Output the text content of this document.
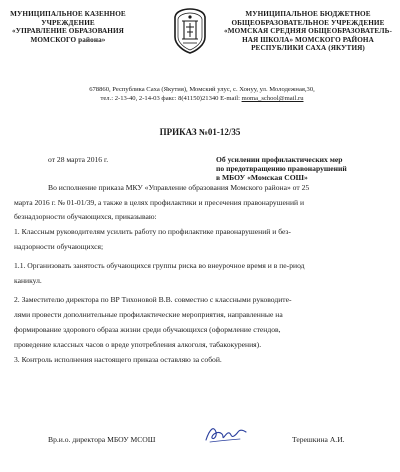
МУНИЦИПАЛЬНОЕ КАЗЕННОЕ
УЧРЕЖДЕНИЕ
«УПРАВЛЕНИЕ ОБРАЗОВАНИЯ
МОМСКОГО района»
МУНИЦИПАЛЬНОЕ БЮДЖЕТНОЕ
ОБЩЕОБРАЗОВАТЕЛЬНОЕ УЧРЕЖДЕНИЕ
«МОМСКАЯ СРЕДНЯЯ ОБЩЕОБРАЗОВАТЕЛЬ-
НАЯ ШКОЛА» МОМСКОГО РАЙОНА
РЕСПУБЛИКИ САХА (ЯКУТИЯ)
678860, Республика Саха (Якутия), Момский улус, с. Хонуу, ул. Молодежная,30,
тел.: 2-13-40, 2-14-03 факс: 8(41150)21340 E-mail: moma_school@mail.ru
ПРИКАЗ №01-12/35
от 28 марта 2016 г.	Об усилении профилактических мер
по предотвращению правонарушений
в МБОУ «Момская СОШ»
Во исполнение приказа МКУ «Управление образования Момского района» от 25
марта 2016 г. № 01-01/39, а также в целях профилактики и пресечения правонарушений и
безнадзорности обучающихся, приказываю:
1. Классным руководителям усилить работу по профилактике правонарушений и без-
надзорности обучающихся;
1.1. Организовать занятость обучающихся группы риска во внеурочное время и в пе-риод
каникул.
2. Заместителю директора по ВР Тихоновой В.В. совместно с классными руководите-
лями провести дополнительные профилактические мероприятия, направленные на
формирование здорового образа жизни среди обучающихся (оформление стендов,
проведение классных часов о вреде употребления алкоголя, табакокурения).
3. Контроль исполнения настоящего приказа оставляю за собой.
Вр.и.о. директора МБОУ МСОШ	Терешкина А.И.
